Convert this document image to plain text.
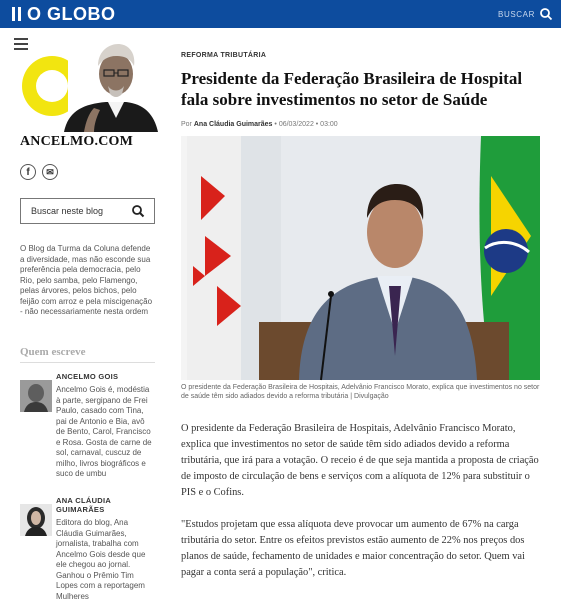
O GLOBO	BUSCAR
ANCELMO.COM
f	✉
Buscar neste blog
O Blog da Turma da Coluna defende a diversidade, mas não esconde sua preferência pela democracia, pelo Rio, pelo samba, pelo Flamengo, pelas árvores, pelos bichos, pelo feijão com arroz e pela miscigenação - não necessariamente nesta ordem
Quem escreve
ANCELMO GOIS
Ancelmo Gois é, modéstia à parte, sergipano de Frei Paulo, casado com Tina, pai de Antonio e Bia, avô de Bento, Carol, Francisco e Rosa. Gosta de carne de sol, carnaval, cuscuz de milho, livros biográficos e suco de umbu
ANA CLÁUDIA GUIMARÃES
Editora do blog, Ana Cláudia Guimarães, jornalista, trabalha com Ancelmo Gois desde que ele chegou ao jornal. Ganhou o Prêmio Tim Lopes com a reportagem Mulheres
REFORMA TRIBUTÁRIA
Presidente da Federação Brasileira de Hospital fala sobre investimentos no setor de Saúde
Por Ana Cláudia Guimarães • 06/03/2022 • 03:00
O presidente da Federação Brasileira de Hospitais, Adelvânio Francisco Morato, explica que investimentos no setor de saúde têm sido adiados devido a reforma tributária | Divulgação

O presidente da Federação Brasileira de Hospitais, Adelvânio Francisco Morato, explica que investimentos no setor de saúde têm sido adiados devido a reforma tributária, que irá para a votação. O receio é de que seja mantida a proposta de criação de imposto de circulação de bens e serviços com a alíquota de 12% para substituir o PIS e o Cofins.

"Estudos projetam que essa alíquota deve provocar um aumento de 67% na carga tributária do setor. Entre os efeitos previstos estão aumento de 22% nos preços dos planos de saúde, fechamento de unidades e maior concentração do setor. Quem vai pagar a conta será a população", critica.
